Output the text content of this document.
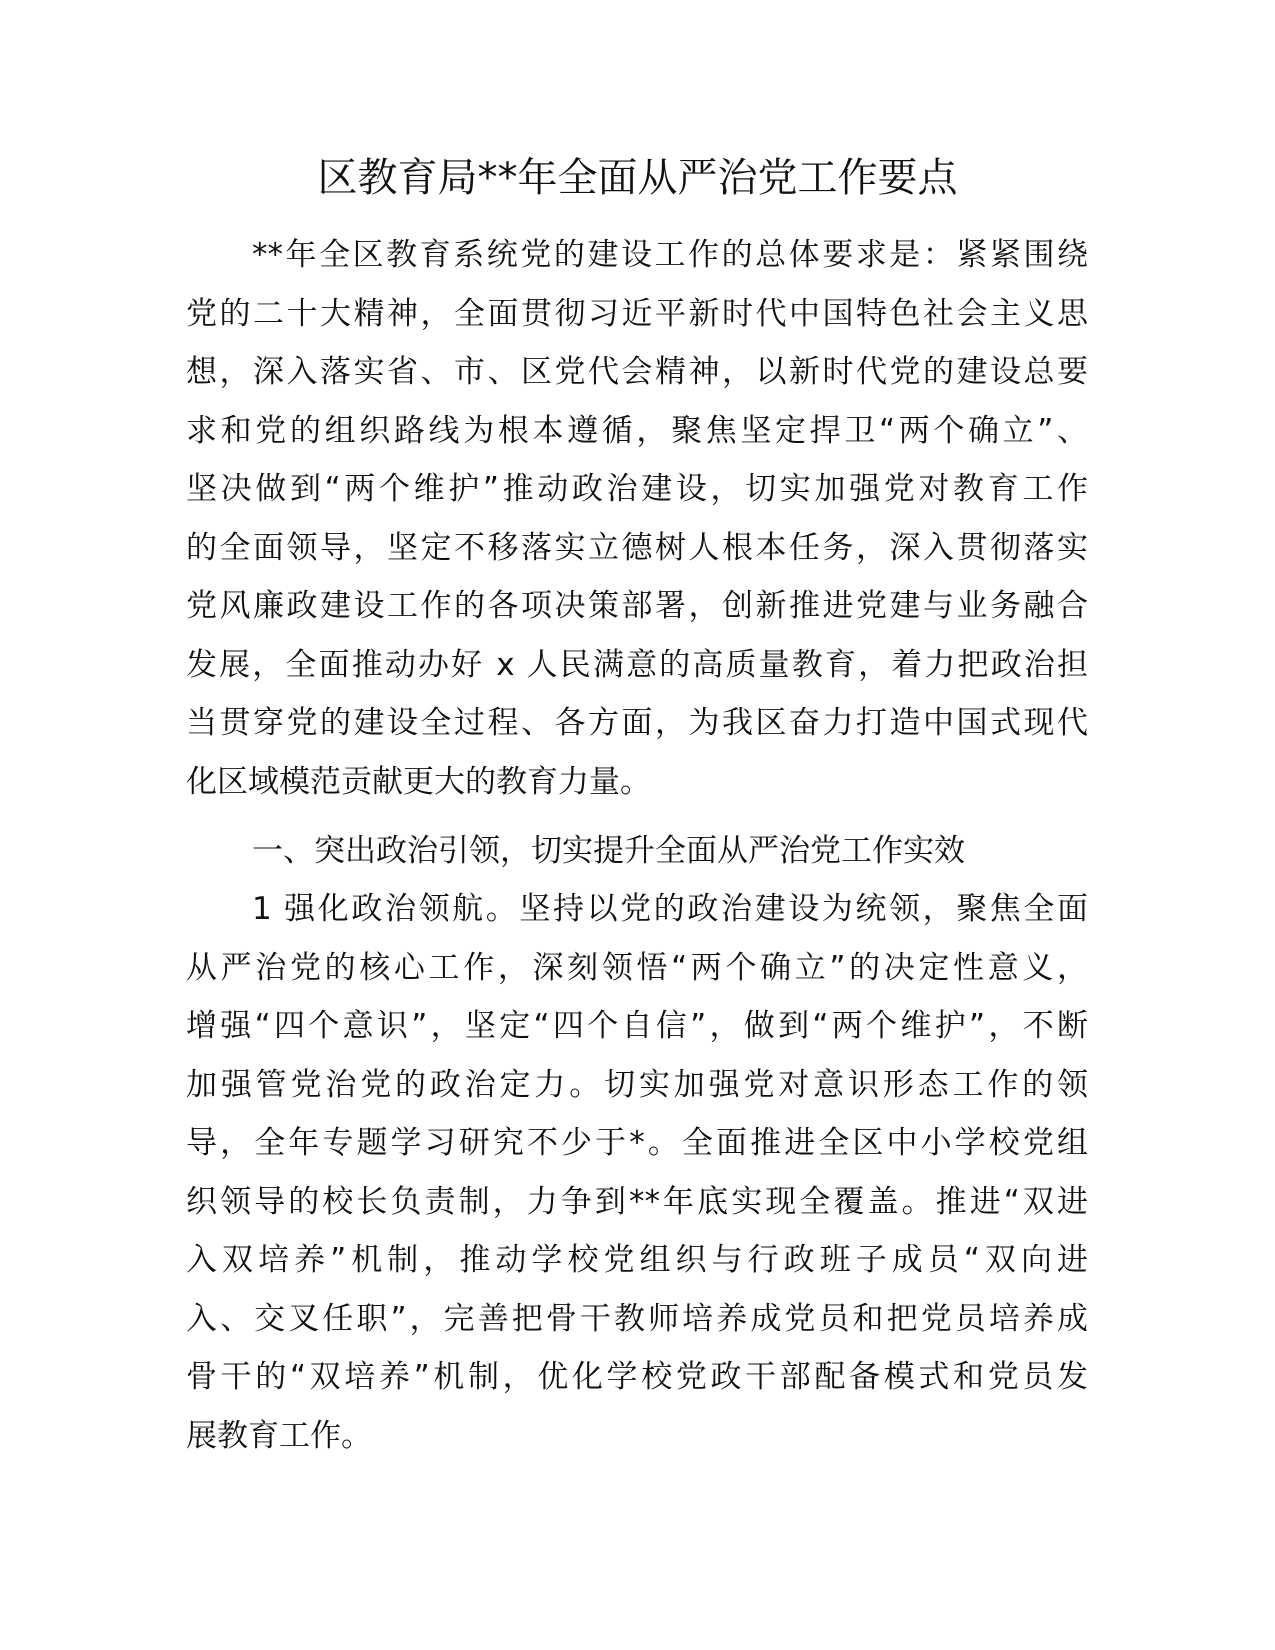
区教育局**年全面从严治党工作要点
**年全区教育系统党的建设工作的总体要求是：紧紧围绕
党的二十大精神，全面贯彻习近平新时代中国特色社会主义思
想，深入落实省、市、区党代会精神，以新时代党的建设总要
求和党的组织路线为根本遵循，聚焦坚定捍卫“两个确立”、
坚决做到“两个维护”推动政治建设，切实加强党对教育工作
的全面领导，坚定不移落实立德树人根本任务，深入贯彻落实
党风廉政建设工作的各项决策部署，创新推进党建与业务融合
发展，全面推动办好 x 人民满意的高质量教育，着力把政治担
当贯穿党的建设全过程、各方面，为我区奋力打造中国式现代
化区域模范贡献更大的教育力量。
一、突出政治引领，切实提升全面从严治党工作实效
1 强化政治领航。坚持以党的政治建设为统领，聚焦全面
从严治党的核心工作，深刻领悟“两个确立”的决定性意义，
增强“四个意识”，坚定“四个自信”，做到“两个维护”，不断
加强管党治党的政治定力。切实加强党对意识形态工作的领
导，全年专题学习研究不少于*。全面推进全区中小学校党组
织领导的校长负责制，力争到**年底实现全覆盖。推进“双进
入双培养”机制，推动学校党组织与行政班子成员“双向进
入、交叉任职”，完善把骨干教师培养成党员和把党员培养成
骨干的“双培养”机制，优化学校党政干部配备模式和党员发
展教育工作。
